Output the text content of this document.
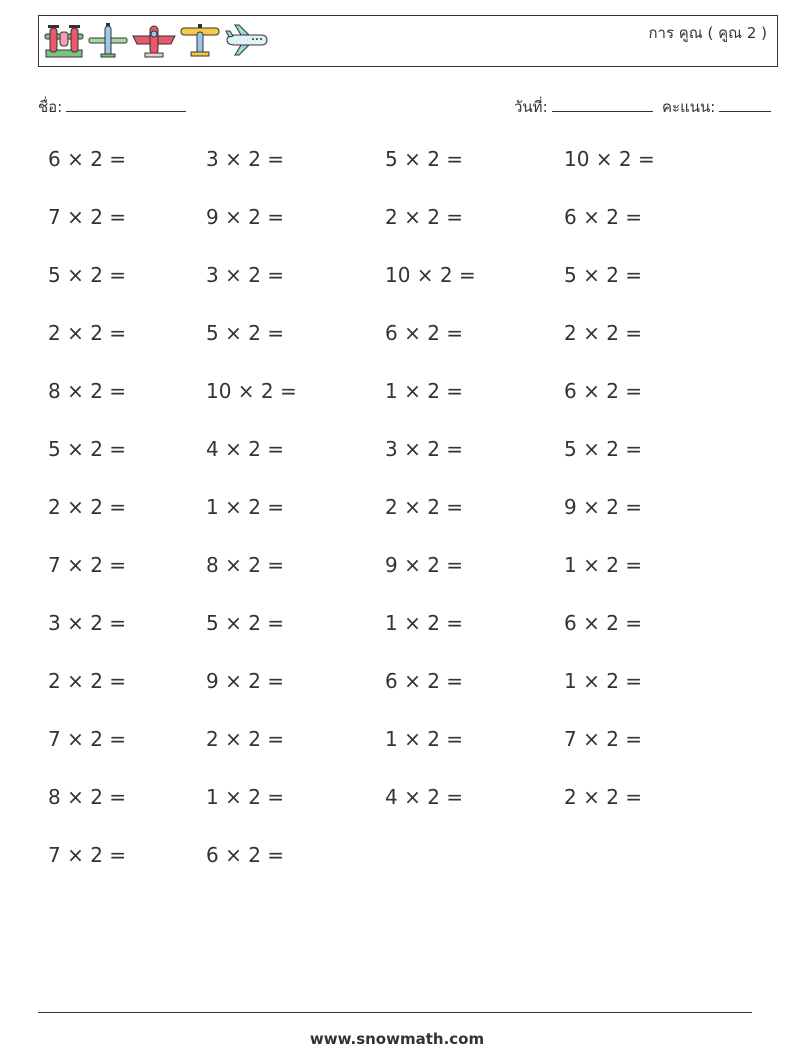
การ คูณ ( คูณ 2 )
ชื่อ:	วันที่:	คะแนน:
6 × 2 =	3 × 2 =	5 × 2 =	10 × 2 =
7 × 2 =	9 × 2 =	2 × 2 =	6 × 2 =
5 × 2 =	3 × 2 =	10 × 2 =	5 × 2 =
2 × 2 =	5 × 2 =	6 × 2 =	2 × 2 =
8 × 2 =	10 × 2 =	1 × 2 =	6 × 2 =
5 × 2 =	4 × 2 =	3 × 2 =	5 × 2 =
2 × 2 =	1 × 2 =	2 × 2 =	9 × 2 =
7 × 2 =	8 × 2 =	9 × 2 =	1 × 2 =
3 × 2 =	5 × 2 =	1 × 2 =	6 × 2 =
2 × 2 =	9 × 2 =	6 × 2 =	1 × 2 =
7 × 2 =	2 × 2 =	1 × 2 =	7 × 2 =
8 × 2 =	1 × 2 =	4 × 2 =	2 × 2 =
7 × 2 =	6 × 2 =
www.snowmath.com
